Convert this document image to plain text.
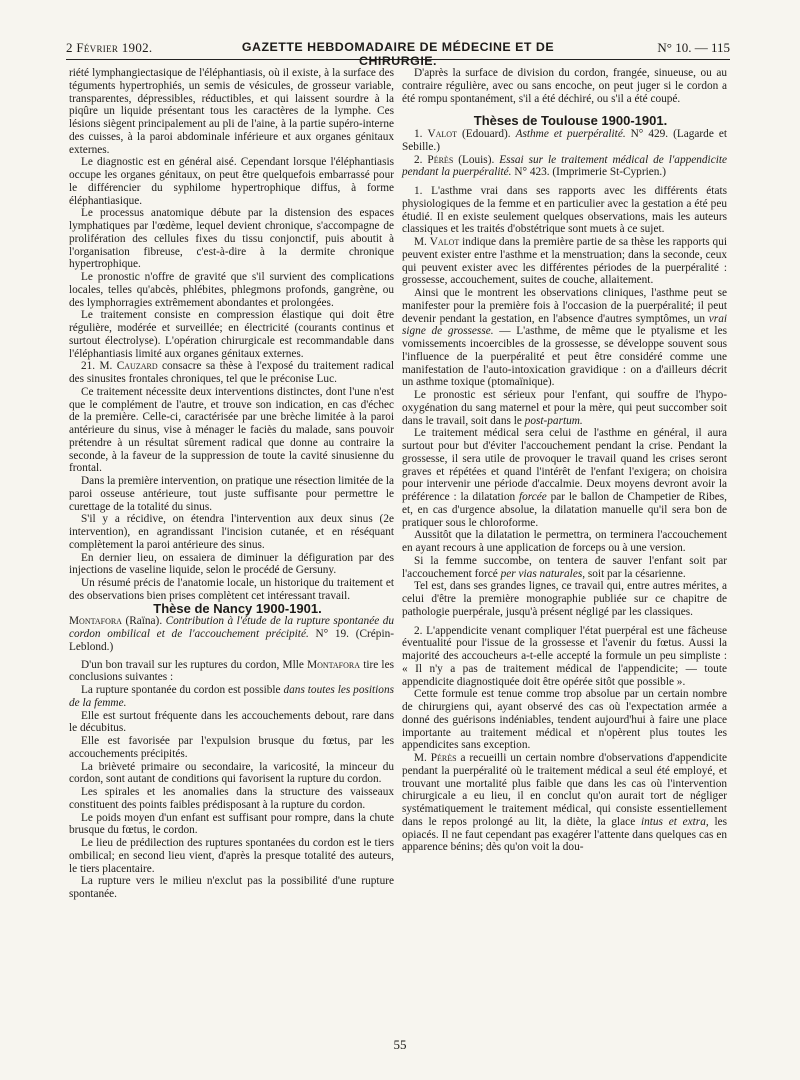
2 Février 1902.	GAZETTE HEBDOMADAIRE DE MÉDECINE ET DE CHIRURGIE.
N° 10. — 115

riété lymphangiectasique de l'éléphantiasis, où il existe, à la surface des téguments hypertrophiés, un semis de vésicules, de grosseur variable, transparentes, dépressibles, réductibles, et qui laissent sourdre à la piqûre un liquide présentant tous les caractères de la lymphe. Ces lésions siègent principalement au pli de l'aine, à la partie supéro-interne des cuisses, à la paroi abdominale inférieure et aux organes génitaux externes.

Le diagnostic est en général aisé. Cependant lorsque l'éléphantiasis occupe les organes génitaux, on peut être quelquefois embarrassé pour le différencier du syphilome hypertrophique diffus, à forme éléphantiasique.

Le processus anatomique débute par la distension des espaces lymphatiques par l'œdème, lequel devient chronique, s'accompagne de prolifération des cellules fixes du tissu conjonctif, puis aboutit à l'organisation fibreuse, c'est-à-dire à la dermite chronique hypertrophique.

Le pronostic n'offre de gravité que s'il survient des complications locales, telles qu'abcès, phlébites, phlegmons profonds, gangrène, ou des lymphorragies extrêmement abondantes et prolongées.

Le traitement consiste en compression élastique qui doit être régulière, modérée et surveillée; en électricité (courants continus et surtout électrolyse). L'opération chirurgicale est recommandable dans l'éléphantiasis limité aux organes génitaux externes.

21. M. Cauzard consacre sa thèse à l'exposé du traitement radical des sinusites frontales chroniques, tel que le préconise Luc.

Ce traitement nécessite deux interventions distinctes, dont l'une n'est que le complément de l'autre, et trouve son indication, en cas d'échec de la première. Celle-ci, caractérisée par une brèche limitée à la paroi antérieure du sinus, vise à ménager le faciès du malade, sans pouvoir prétendre à un résultat sûrement radical que donne au contraire la seconde, à la faveur de la suppression de toute la cavité sinusienne du frontal.

Dans la première intervention, on pratique une résection limitée de la paroi osseuse antérieure, tout juste suffisante pour permettre le curettage de la totalité du sinus.

S'il y a récidive, on étendra l'intervention aux deux sinus (2e intervention), en agrandissant l'incision cutanée, et en réséquant complètement la paroi antérieure des sinus.

En dernier lieu, on essaiera de diminuer la défiguration par des injections de vaseline liquide, selon le procédé de Gersuny.

Un résumé précis de l'anatomie locale, un historique du traitement et des observations bien prises complètent cet intéressant travail.

Thèse de Nancy 1900-1901.

Montafora (Raïna). Contribution à l'étude de la rupture spontanée du cordon ombilical et de l'accouchement précipité. N° 19. (Crépin-Leblond.)

D'un bon travail sur les ruptures du cordon, Mlle Montafora tire les conclusions suivantes :

La rupture spontanée du cordon est possible dans toutes les positions de la femme.

Elle est surtout fréquente dans les accouchements debout, rare dans le décubitus.

Elle est favorisée par l'expulsion brusque du fœtus, par les accouchements précipités.

La brièveté primaire ou secondaire, la varicosité, la minceur du cordon, sont autant de conditions qui favorisent la rupture du cordon.

Les spirales et les anomalies dans la structure des vaisseaux constituent des points faibles prédisposant à la rupture du cordon.

Le poids moyen d'un enfant est suffisant pour rompre, dans la chute brusque du fœtus, le cordon.

Le lieu de prédilection des ruptures spontanées du cordon est le tiers ombilical; en second lieu vient, d'après la presque totalité des auteurs, le tiers placentaire.

La rupture vers le milieu n'exclut pas la possibilité d'une rupture spontanée.

D'après la surface de division du cordon, frangée, sinueuse, ou au contraire régulière, avec ou sans encoche, on peut juger si le cordon a été rompu spontanément, s'il a été déchiré, ou s'il a été coupé.

Thèses de Toulouse 1900-1901.

1. Valot (Edouard). Asthme et puerpéralité. N° 429. (Lagarde et Sebille.)

2. Pérès (Louis). Essai sur le traitement médical de l'appendicite pendant la puerpéralité. N° 423. (Imprimerie St-Cyprien.)

1. L'asthme vrai dans ses rapports avec les différents états physiologiques de la femme et en particulier avec la gestation a été peu étudié. Il en existe seulement quelques observations, mais les auteurs classiques et les traités d'obstétrique sont muets à ce sujet.

M. Valot indique dans la première partie de sa thèse les rapports qui peuvent exister entre l'asthme et la menstruation; dans la seconde, ceux qui peuvent exister avec les différentes périodes de la puerpéralité : grossesse, accouchement, suites de couche, allaitement.

Ainsi que le montrent les observations cliniques, l'asthme peut se manifester pour la première fois à l'occasion de la puerpéralité; il peut devenir pendant la gestation, en l'absence d'autres symptômes, un vrai signe de grossesse. — L'asthme, de même que le ptyalisme et les vomissements incoercibles de la grossesse, se développe souvent sous l'influence de la puerpéralité et peut être considéré comme une manifestation de l'auto-intoxication gravidique : on a d'ailleurs décrit un asthme toxique (ptomaïnique).

Le pronostic est sérieux pour l'enfant, qui souffre de l'hypo-oxygénation du sang maternel et pour la mère, qui peut succomber soit dans le travail, soit dans le post-partum.

Le traitement médical sera celui de l'asthme en général, il aura surtout pour but d'éviter l'accouchement pendant la crise. Pendant la grossesse, il sera utile de provoquer le travail quand les crises seront graves et répétées et quand l'intérêt de l'enfant l'exigera; on choisira pour intervenir une période d'accalmie. Deux moyens devront avoir la préférence : la dilatation forcée par le ballon de Champetier de Ribes, et, en cas d'urgence absolue, la dilatation manuelle qu'il sera bon de pratiquer sous le chloroforme.

Aussitôt que la dilatation le permettra, on terminera l'accouchement en ayant recours à une application de forceps ou à une version.

Si la femme succombe, on tentera de sauver l'enfant soit par l'accouchement forcé per vias naturales, soit par la césarienne.

Tel est, dans ses grandes lignes, ce travail qui, entre autres mérites, a celui d'être la première monographie publiée sur ce chapitre de pathologie puerpérale, jusqu'à présent négligé par les classiques.

2. L'appendicite venant compliquer l'état puerpéral est une fâcheuse éventualité pour l'issue de la grossesse et l'avenir du fœtus. Aussi la majorité des accoucheurs a-t-elle accepté la formule un peu simpliste : « Il n'y a pas de traitement médical de l'appendicite; — toute appendicite diagnostiquée doit être opérée sitôt que possible ».

Cette formule est tenue comme trop absolue par un certain nombre de chirurgiens qui, ayant observé des cas où l'expectation armée a donné des guérisons indéniables, tendent aujourd'hui à faire une place importante au traitement médical et n'opèrent plus toutes les appendicites sans exception.

M. Pérès a recueilli un certain nombre d'observations d'appendicite pendant la puerpéralité où le traitement médical a seul été employé, et trouvant une mortalité plus faible que dans les cas où l'intervention chirurgicale a eu lieu, il en conclut qu'on aurait tort de négliger systématiquement le traitement médical, qui consiste essentiellement dans le repos prolongé au lit, la diète, la glace intus et extra, les opiacés. Il ne faut cependant pas exagérer l'attente dans quelques cas en apparence bénins; dès qu'on voit la dou-

55
